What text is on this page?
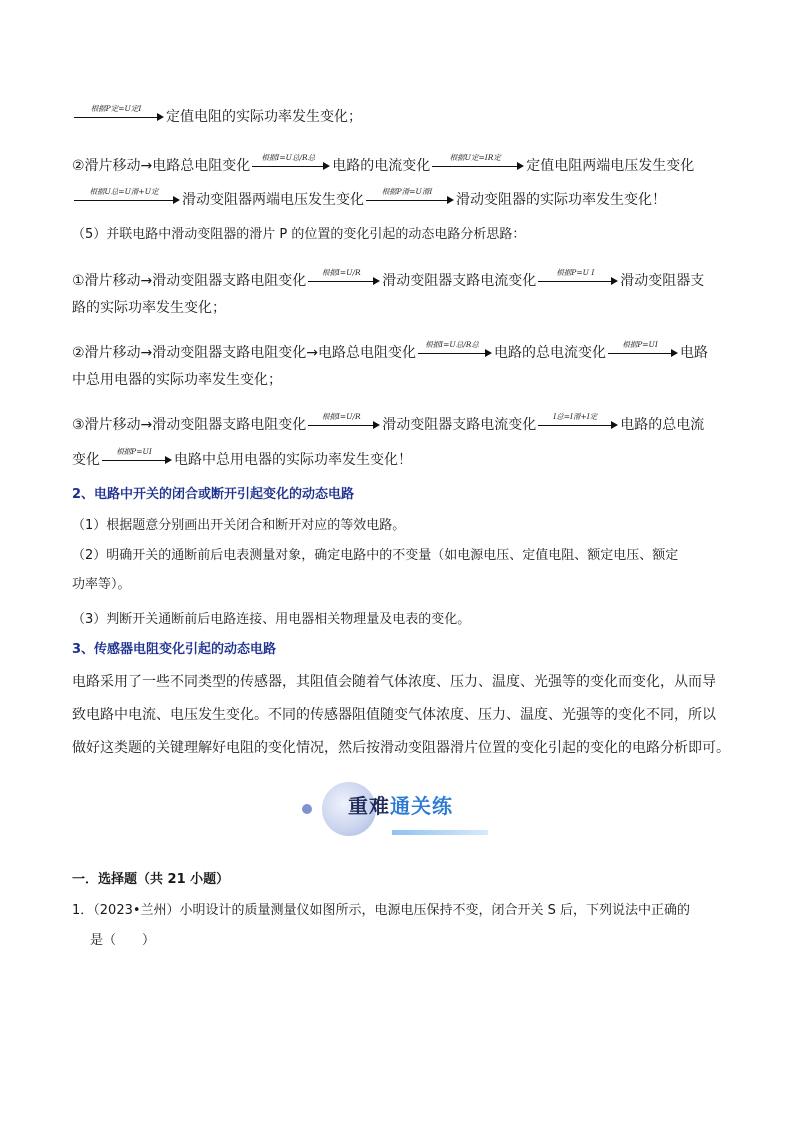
根据P定=U定I
定值电阻的实际功率发生变化；
②滑片移动→电路总电阻变化
根据I=U总/R总
电路的电流变化
根据U定=IR定
定值电阻两端电压发生变化
根据U总=U滑+U定
滑动变阻器两端电压发生变化
根据P滑=U滑I
滑动变阻器的实际功率发生变化！
（5）并联电路中滑动变阻器的滑片 P 的位置的变化引起的动态电路分析思路：
①滑片移动→滑动变阻器支路电阻变化
根据I=U/R
滑动变阻器支路电流变化
根据P=U I
滑动变阻器支
路的实际功率发生变化；
②滑片移动→滑动变阻器支路电阻变化→电路总电阻变化
根据I=U总/R总
电路的总电流变化
根据P=UI
电路
中总用电器的实际功率发生变化；
③滑片移动→滑动变阻器支路电阻变化
根据I=U/R
滑动变阻器支路电流变化
I总=I滑+I定
电路的总电流
变化
根据P=UI
电路中总用电器的实际功率发生变化！
2、电路中开关的闭合或断开引起变化的动态电路
（1）根据题意分别画出开关闭合和断开对应的等效电路。
（2）明确开关的通断前后电表测量对象，确定电路中的不变量（如电源电压、定值电阻、额定电压、额定
功率等）。
（3）判断开关通断前后电路连接、用电器相关物理量及电表的变化。
3、传感器电阻变化引起的动态电路
电路采用了一些不同类型的传感器，其阻值会随着气体浓度、压力、温度、光强等的变化而变化，从而导
致电路中电流、电压发生变化。不同的传感器阻值随变气体浓度、压力、温度、光强等的变化不同，所以
做好这类题的关键理解好电阻的变化情况，然后按滑动变阻器滑片位置的变化引起的变化的电路分析即可。
重难通关练
一．选择题（共 21 小题）
1．（2023•兰州）小明设计的质量测量仪如图所示，电源电压保持不变，闭合开关 S 后，下列说法中正确的
是（　　）
